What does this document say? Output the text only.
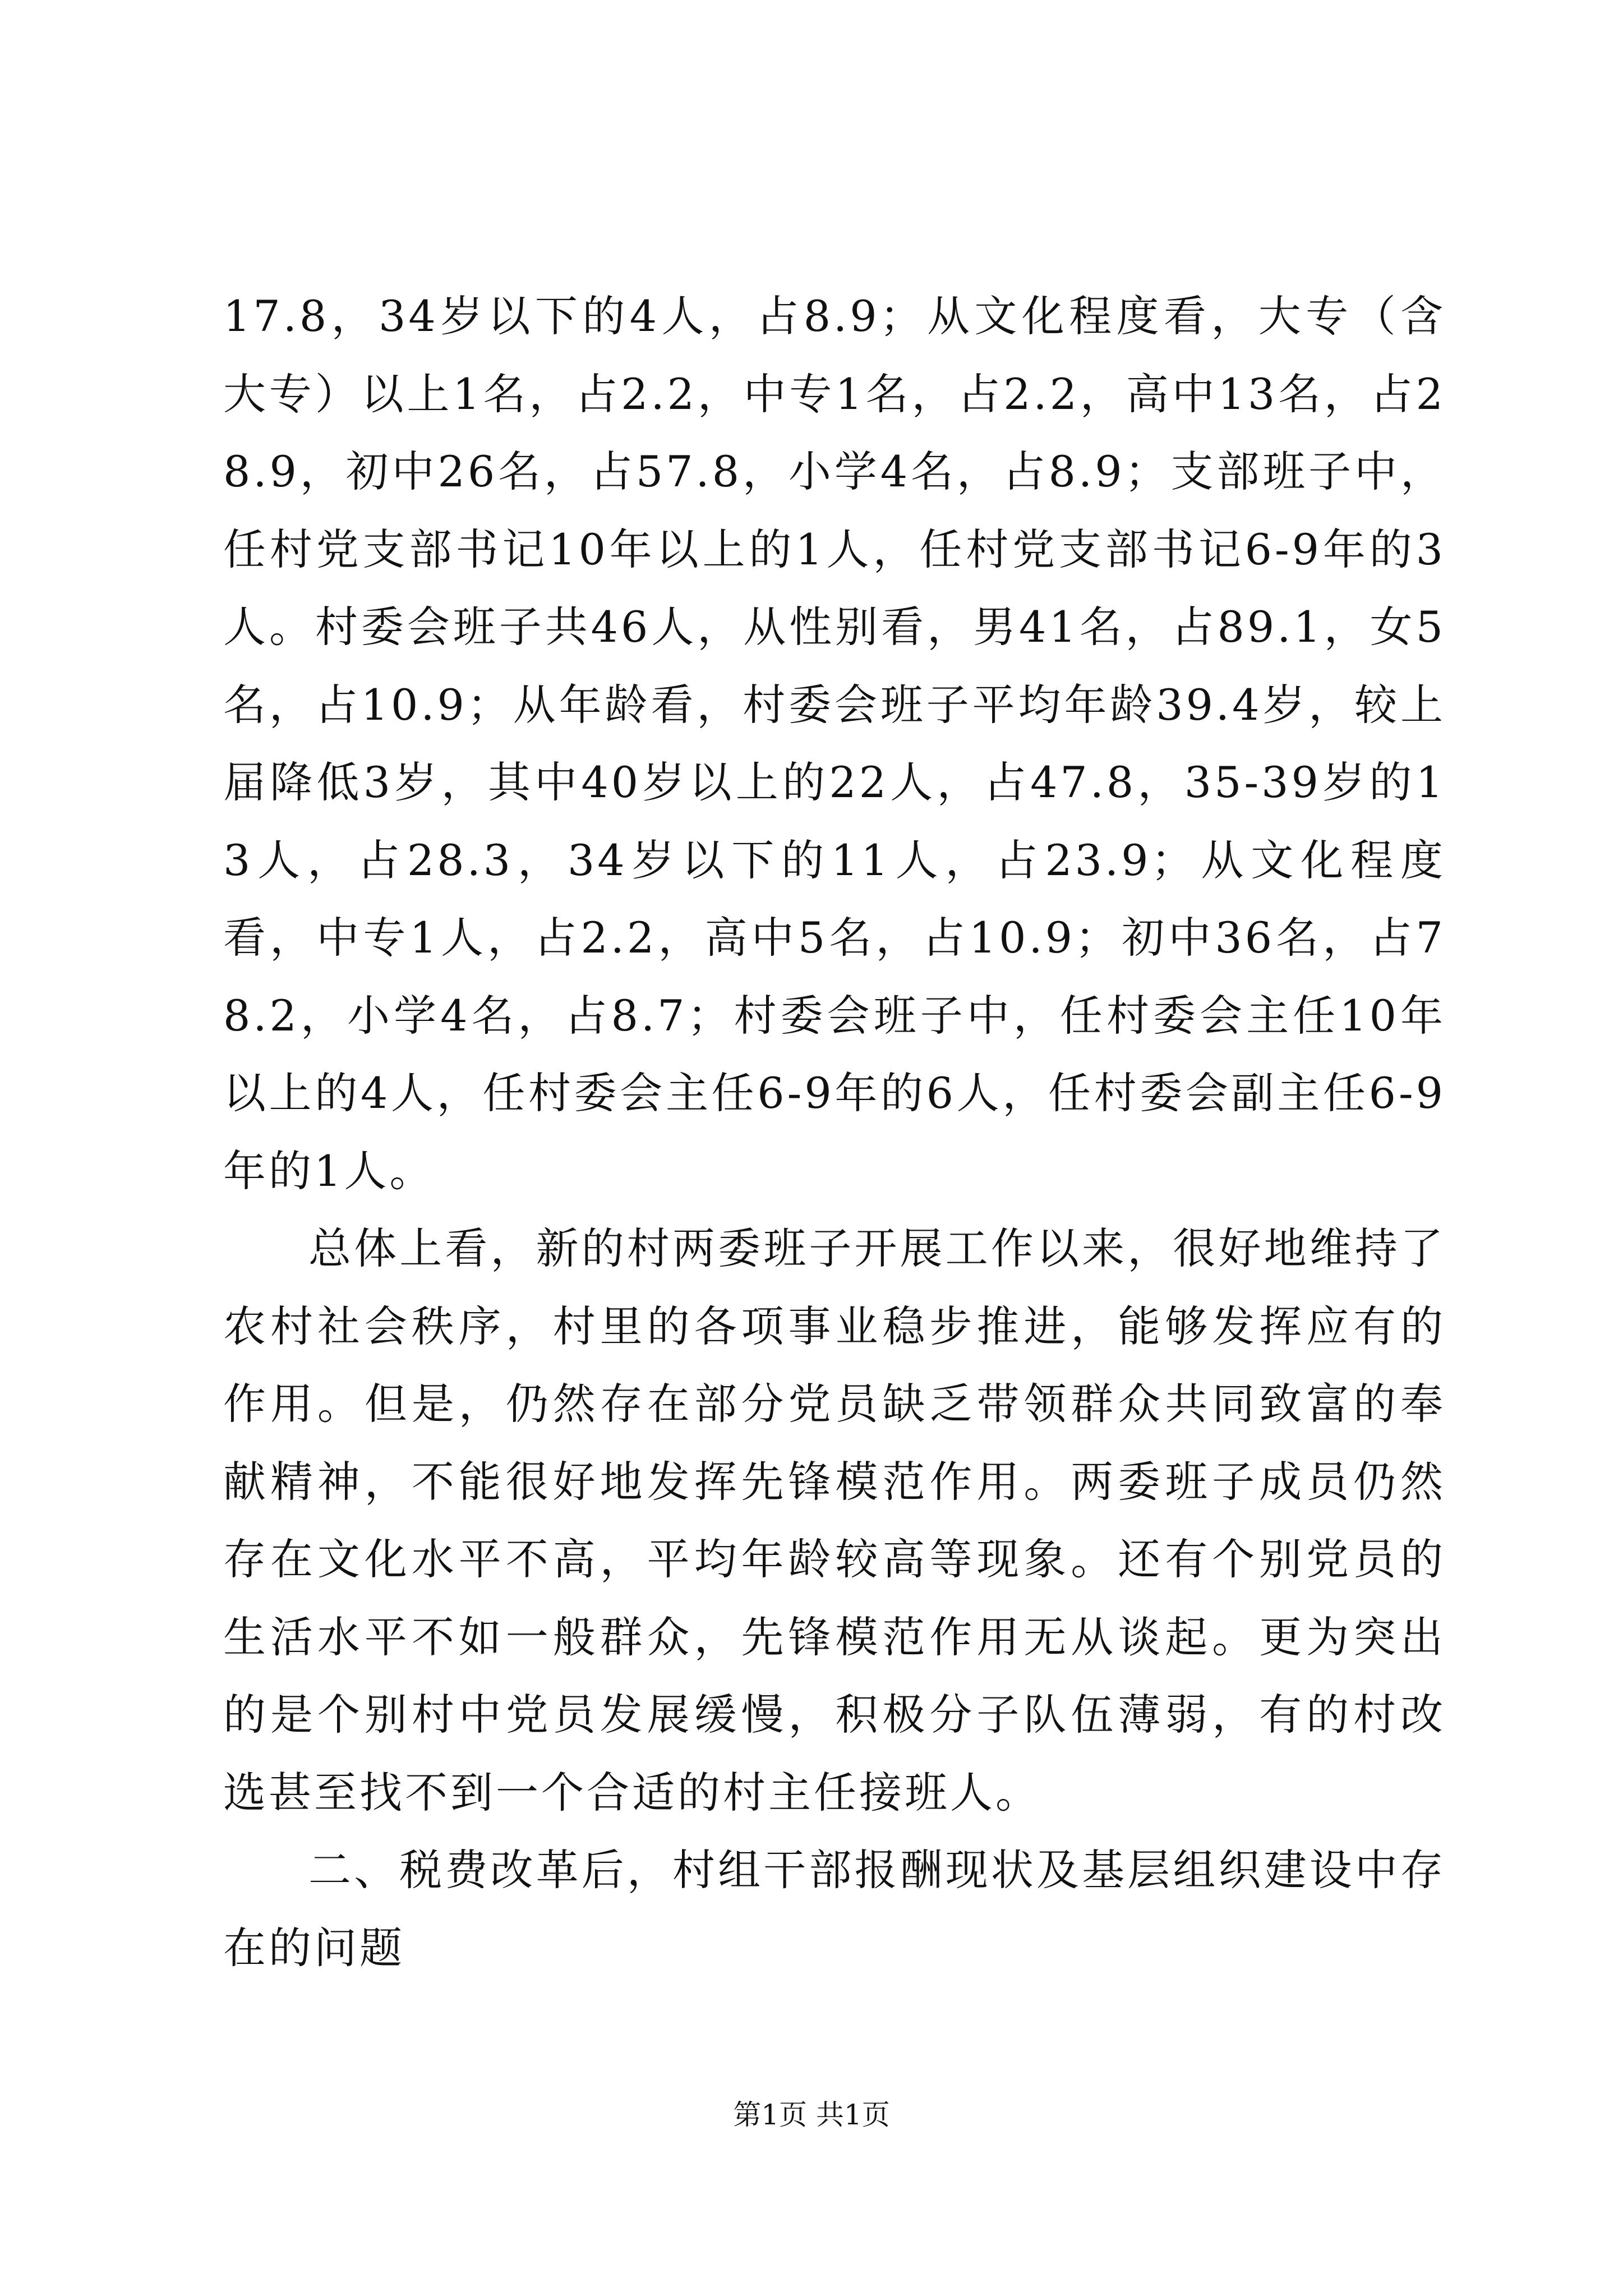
17.8，34岁以下的4人，占8.9；从文化程度看，大专（含大专）以上1名，占2.2，中专1名，占2.2，高中13名，占28.9，初中26名，占57.8，小学4名，占8.9；支部班子中，任村党支部书记10年以上的1人，任村党支部书记6-9年的3人。村委会班子共46人，从性别看，男41名，占89.1，女5名，占10.9；从年龄看，村委会班子平均年龄39.4岁，较上届降低3岁，其中40岁以上的22人，占47.8，35-39岁的13人，占28.3，34岁以下的11人，占23.9；从文化程度看，中专1人，占2.2，高中5名，占10.9；初中36名，占78.2，小学4名，占8.7；村委会班子中，任村委会主任10年以上的4人，任村委会主任6-9年的6人，任村委会副主任6-9年的1人。

总体上看，新的村两委班子开展工作以来，很好地维持了农村社会秩序，村里的各项事业稳步推进，能够发挥应有的作用。但是，仍然存在部分党员缺乏带领群众共同致富的奉献精神，不能很好地发挥先锋模范作用。两委班子成员仍然存在文化水平不高，平均年龄较高等现象。还有个别党员的生活水平不如一般群众，先锋模范作用无从谈起。更为突出的是个别村中党员发展缓慢，积极分子队伍薄弱，有的村改选甚至找不到一个合适的村主任接班人。

二、税费改革后，村组干部报酬现状及基层组织建设中存在的问题

第1页 共1页
